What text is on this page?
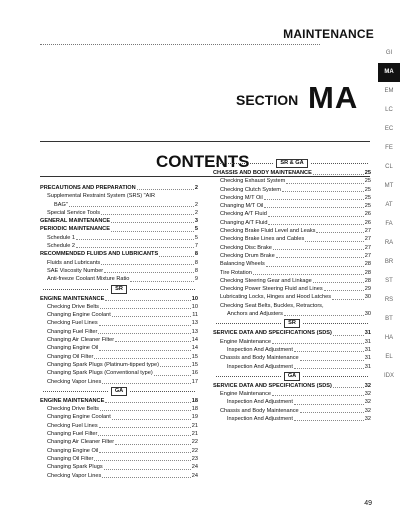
MAINTENANCE
SECTION MA
CONTENTS
PRECAUTIONS AND PREPARATION	2
Supplemental Restraint System (SRS) "AIR
BAG"	2
Special Service Tools	2
GENERAL MAINTENANCE	3
PERIODIC MAINTENANCE	5
Schedule 1	5
Schedule 2	7
RECOMMENDED FLUIDS AND LUBRICANTS	8
Fluids and Lubricants	8
SAE Viscosity Number	8
Anti-freeze Coolant Mixture Ratio	9
SR
ENGINE MAINTENANCE	10
Checking Drive Belts	10
Changing Engine Coolant	11
Checking Fuel Lines	13
Changing Fuel Filter	13
Changing Air Cleaner Filter	14
Changing Engine Oil	14
Changing Oil Filter	15
Changing Spark Plugs (Platinum-tipped type)	15
Changing Spark Plugs (Conventional type)	16
Checking Vapor Lines	17
GA
ENGINE MAINTENANCE	18
Checking Drive Belts	18
Changing Engine Coolant	19
Checking Fuel Lines	21
Changing Fuel Filter	21
Changing Air Cleaner Filter	22
Changing Engine Oil	22
Changing Oil Filter	23
Changing Spark Plugs	24
Checking Vapor Lines	24
SR & GA
CHASSIS AND BODY MAINTENANCE	25
Checking Exhaust System	25
Checking Clutch System	25
Checking M/T Oil	25
Changing M/T Oil	25
Checking A/T Fluid	26
Changing A/T Fluid	26
Checking Brake Fluid Level and Leaks	27
Checking Brake Lines and Cables	27
Checking Disc Brake	27
Checking Drum Brake	27
Balancing Wheels	28
Tire Rotation	28
Checking Steering Gear and Linkage	28
Checking Power Steering Fluid and Lines	29
Lubricating Locks, Hinges and Hood Latches	30
Checking Seat Belts, Buckles, Retractors,
Anchors and Adjusters	30
SR
SERVICE DATA AND SPECIFICATIONS (SDS)	31
Engine Maintenance	31
Inspection And Adjustment	31
Chassis and Body Maintenance	31
Inspection And Adjustment	31
GA
SERVICE DATA AND SPECIFICATIONS (SDS)	32
Engine Maintenance	32
Inspection And Adjustment	32
Chassis and Body Maintenance	32
Inspection And Adjustment	32
GI
MA
EM
LC
EC
FE
CL
MT
AT
FA
RA
BR
ST
RS
BT
HA
EL
IDX
49
